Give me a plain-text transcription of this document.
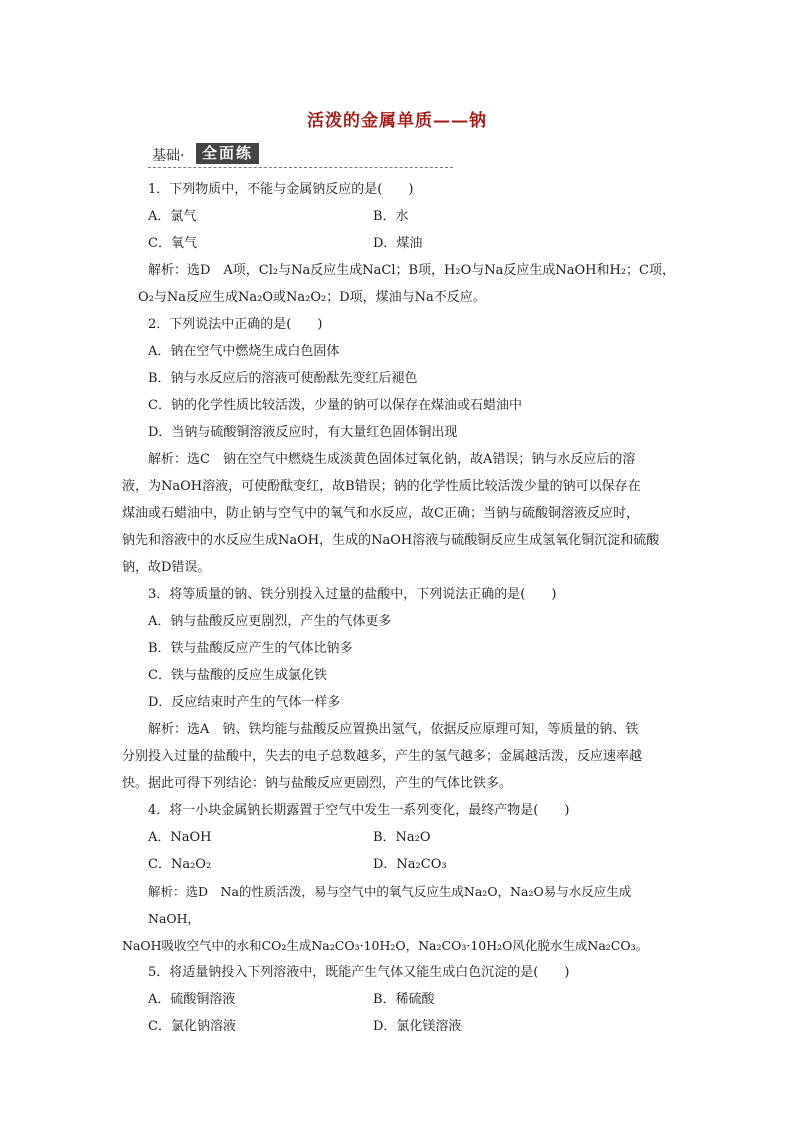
活泼的金属单质——钠
基础·	全面练

1．下列物质中，不能与金属钠反应的是(　　)

A．氯气	B．水
C．氧气	D．煤油

解析：选D　A项，Cl₂与Na反应生成NaCl；B项，H₂O与Na反应生成NaOH和H₂；C项，

O₂与Na反应生成Na₂O或Na₂O₂；D项，煤油与Na不反应。

2．下列说法中正确的是(　　)

A．钠在空气中燃烧生成白色固体

B．钠与水反应后的溶液可使酚酞先变红后褪色

C．钠的化学性质比较活泼，少量的钠可以保存在煤油或石蜡油中

D．当钠与硫酸铜溶液反应时，有大量红色固体铜出现

解析：选C　钠在空气中燃烧生成淡黄色固体过氧化钠，故A错误；钠与水反应后的溶

液，为NaOH溶液，可使酚酞变红，故B错误；钠的化学性质比较活泼少量的钠可以保存在

煤油或石蜡油中，防止钠与空气中的氧气和水反应，故C正确；当钠与硫酸铜溶液反应时，

钠先和溶液中的水反应生成NaOH，生成的NaOH溶液与硫酸铜反应生成氢氧化铜沉淀和硫酸

钠，故D错误。

3．将等质量的钠、铁分别投入过量的盐酸中，下列说法正确的是(　　)

A．钠与盐酸反应更剧烈，产生的气体更多

B．铁与盐酸反应产生的气体比钠多

C．铁与盐酸的反应生成氯化铁

D．反应结束时产生的气体一样多

解析：选A　钠、铁均能与盐酸反应置换出氢气，依据反应原理可知，等质量的钠、铁

分别投入过量的盐酸中，失去的电子总数越多，产生的氢气越多；金属越活泼，反应速率越

快。据此可得下列结论：钠与盐酸反应更剧烈，产生的气体比铁多。

4．将一小块金属钠长期露置于空气中发生一系列变化，最终产物是(　　)

A．NaOH	B．Na₂O
C．Na₂O₂	D．Na₂CO₃

解析：选D　Na的性质活泼，易与空气中的氧气反应生成Na₂O，Na₂O易与水反应生成NaOH，

NaOH吸收空气中的水和CO₂生成Na₂CO₃·10H₂O，Na₂CO₃·10H₂O风化脱水生成Na₂CO₃。

5．将适量钠投入下列溶液中，既能产生气体又能生成白色沉淀的是(　　)

A．硫酸铜溶液	B．稀硫酸
C．氯化钠溶液	D．氯化镁溶液
